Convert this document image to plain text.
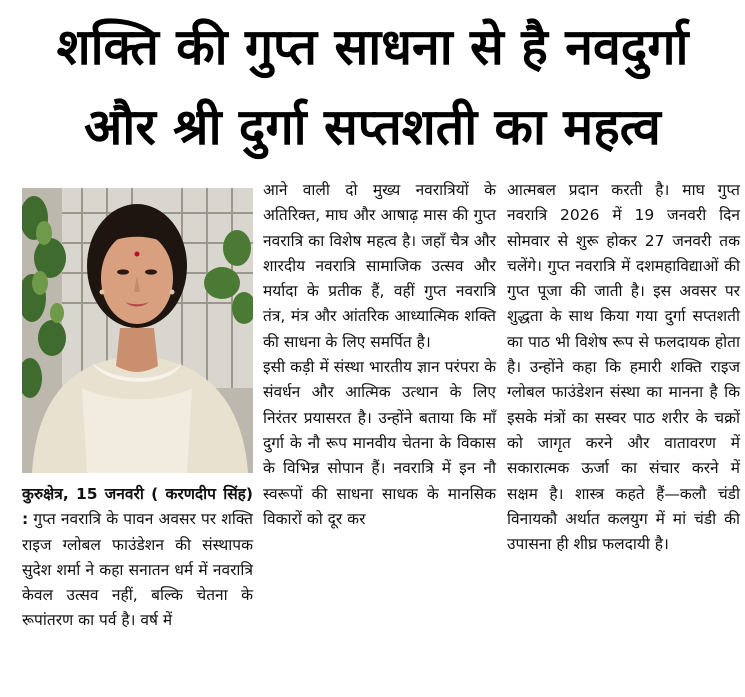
शक्ति की गुप्त साधना से है नवदुर्गा
और श्री दुर्गा सप्तशती का महत्व

कुरुक्षेत्र, 15 जनवरी ( करणदीप सिंह) : गुप्त नवरात्रि के पावन अवसर पर शक्ति राइज ग्लोबल फाउंडेशन की संस्थापक सुदेश शर्मा ने कहा सनातन धर्म में नवरात्रि केवल उत्सव नहीं, बल्कि चेतना के रूपांतरण का पर्व है। वर्ष में

आने वाली दो मुख्य नवरात्रियों के अतिरिक्त, माघ और आषाढ़ मास की गुप्त नवरात्रि का विशेष महत्व है। जहाँ चैत्र और शारदीय नवरात्रि सामाजिक उत्सव और मर्यादा के प्रतीक हैं, वहीं गुप्त नवरात्रि तंत्र, मंत्र और आंतरिक आध्यात्मिक शक्ति की साधना के लिए समर्पित है।

इसी कड़ी में संस्था भारतीय ज्ञान परंपरा के संवर्धन और आत्मिक उत्थान के लिए निरंतर प्रयासरत है। उन्होंने बताया कि माँ दुर्गा के नौ रूप मानवीय चेतना के विकास के विभिन्न सोपान हैं। नवरात्रि में इन नौ स्वरूपों की साधना साधक के मानसिक विकारों को दूर कर

आत्मबल प्रदान करती है। माघ गुप्त नवरात्रि 2026 में 19 जनवरी दिन सोमवार से शुरू होकर 27 जनवरी तक चलेंगे। गुप्त नवरात्रि में दशमहाविद्याओं की गुप्त पूजा की जाती है। इस अवसर पर शुद्धता के साथ किया गया दुर्गा सप्तशती का पाठ भी विशेष रूप से फलदायक होता है। उन्होंने कहा कि हमारी शक्ति राइज ग्लोबल फाउंडेशन संस्था का मानना है कि इसके मंत्रों का सस्वर पाठ शरीर के चक्रों को जागृत करने और वातावरण में सकारात्मक ऊर्जा का संचार करने में सक्षम है। शास्त्र कहते हैं—कलौ चंडी विनायकौ अर्थात कलयुग में मां चंडी की उपासना ही शीघ्र फलदायी है।
